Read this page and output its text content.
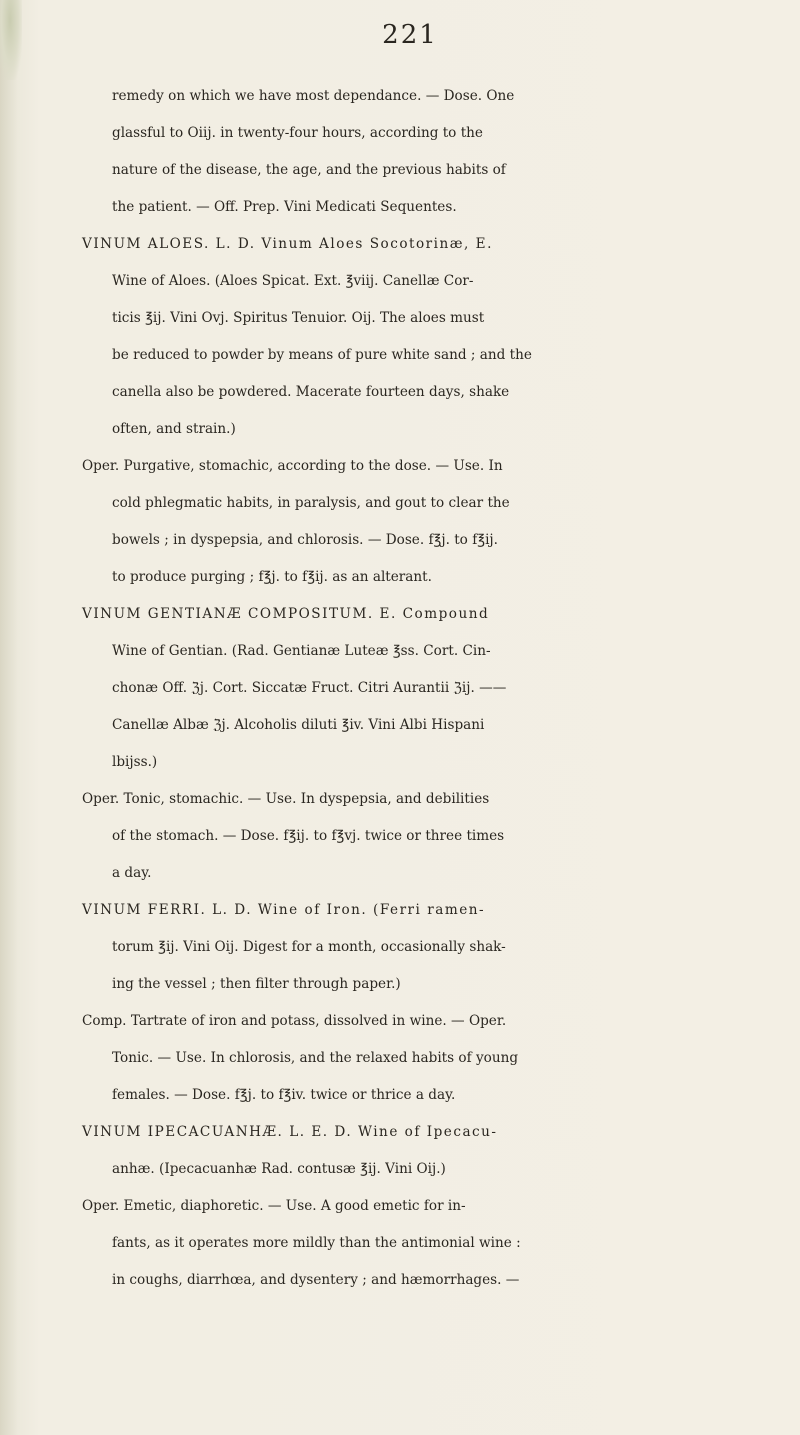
221
remedy on which we have most dependance. — Dose. One
glassful to Oiij. in twenty-four hours, according to the
nature of the disease, the age, and the previous habits of
the patient. — Off. Prep. Vini Medicati Sequentes.
VINUM ALOES. L. D. Vinum Aloes Socotorinæ, E.
Wine of Aloes. (Aloes Spicat. Ext. ℥viij. Canellæ Cor-
ticis ℥ij. Vini Ovj. Spiritus Tenuior. Oij. The aloes must
be reduced to powder by means of pure white sand ; and the
canella also be powdered. Macerate fourteen days, shake
often, and strain.)
Oper. Purgative, stomachic, according to the dose. — Use. In
cold phlegmatic habits, in paralysis, and gout to clear the
bowels ; in dyspepsia, and chlorosis. — Dose. f℥j. to f℥ij.
to produce purging ; f℥j. to f℥ij. as an alterant.
VINUM GENTIANÆ COMPOSITUM. E. Compound
Wine of Gentian. (Rad. Gentianæ Luteæ ℥ss. Cort. Cin-
chonæ Off. ℨj. Cort. Siccatæ Fruct. Citri Aurantii ℨij. ——
Canellæ Albæ ℨj. Alcoholis diluti ℥iv. Vini Albi Hispani
lbijss.)
Oper. Tonic, stomachic. — Use. In dyspepsia, and debilities
of the stomach. — Dose. f℥ij. to f℥vj. twice or three times
a day.
VINUM FERRI. L. D. Wine of Iron. (Ferri ramen-
torum ℥ij. Vini Oij. Digest for a month, occasionally shak-
ing the vessel ; then filter through paper.)
Comp. Tartrate of iron and potass, dissolved in wine. — Oper.
Tonic. — Use. In chlorosis, and the relaxed habits of young
females. — Dose. f℥j. to f℥iv. twice or thrice a day.
VINUM IPECACUANHÆ. L. E. D. Wine of Ipecacu-
anhæ. (Ipecacuanhæ Rad. contusæ ℥ij. Vini Oij.)
Oper. Emetic, diaphoretic. — Use. A good emetic for in-
fants, as it operates more mildly than the antimonial wine :
in coughs, diarrhœa, and dysentery ; and hæmorrhages. —
